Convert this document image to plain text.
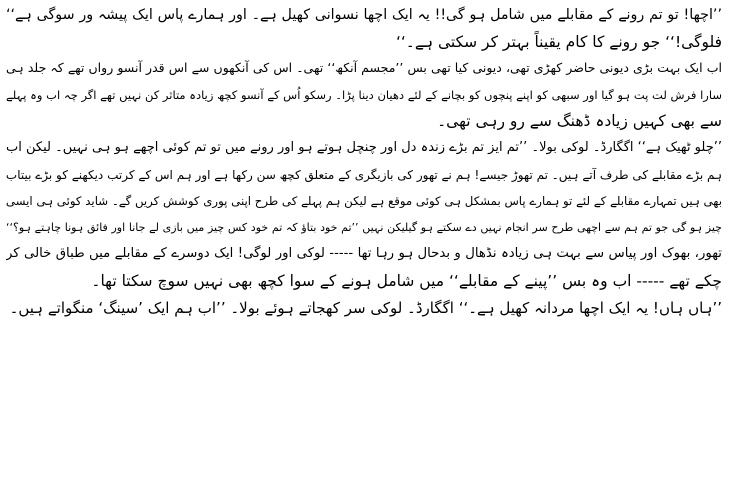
’’اچھا! تو تم رونے کے مقابلے میں شامل ہو گی!! یہ ایک اچھا نسوانی کھیل ہے۔ اور ہمارے پاس ایک پیشہ ور سوگی ہے‘‘
فلوگی!‘‘ جو رونے کا کام یقیناً بہتر کر سکتی ہے۔‘‘
اب ایک بہت بڑی دیونی حاضر کھڑی تھی، دیونی کیا تھی بس ’’مجسم آنکھ‘‘ تھی۔ اس کی آنکھوں سے اس قدر آنسو رواں تھے کہ جلد ہی
سارا فرش لت پت ہو گیا اور سبھی کو اپنے پنچوں کو بچانے کے لئے دھیان دینا پڑا۔ رسکو اُس کے آنسو کچھ زیادہ متاثر کن نہیں تھے اگر چہ اب وہ پہلے
سے بھی کہیں زیادہ ڈھنگ سے رو رہی تھی۔
’’چلو ٹھیک ہے‘‘ اگگارڈ۔ لوکی بولا۔ ’’تم ایز تم بڑے زندہ دل اور چنچل ہوتے ہو اور رونے میں تو تم کوئی اچھے ہو ہی نہیں۔ لیکن اب
ہم بڑے مقابلے کی طرف آتے ہیں۔ تم تھوڑ جیسے! ہم نے تھور کی بازیگری کے متعلق کچھ سن رکھا ہے اور ہم اس کے کرتب دیکھنے کو بڑے بیتاب
بھی ہیں تمہارے مقابلے کے لئے تو ہمارے پاس بمشکل ہی کوئی موقع ہے لیکن ہم پہلے کی طرح اپنی پوری کوشش کریں گے۔ شاید کوئی ہی ایسی
چیز ہو گی جو تم ہم سے اچھی طرح سر انجام نہیں دے سکتے ہو گیلیکن نہیں ’’تم خود بتاؤ کہ تم خود کس چیز میں بازی لے جانا اور فائق ہونا چاہتے ہو؟‘‘
تھور، بھوک اور پیاس سے بہت ہی زیادہ نڈھال و بدحال ہو رہا تھا ----- لوکی اور لوگی! ایک دوسرے کے مقابلے میں طباق خالی کر
چکے تھے ----- اب وہ بس ’’پینے کے مقابلے‘‘ میں شامل ہونے کے سوا کچھ بھی نہیں سوچ سکتا تھا۔
’’ہاں ہاں! یہ ایک اچھا مردانہ کھیل ہے۔‘‘ اگگارڈ۔ لوکی سر کھجاتے ہوئے بولا۔ ’’اب ہم ایک ’سینگ‘ منگواتے ہیں۔
